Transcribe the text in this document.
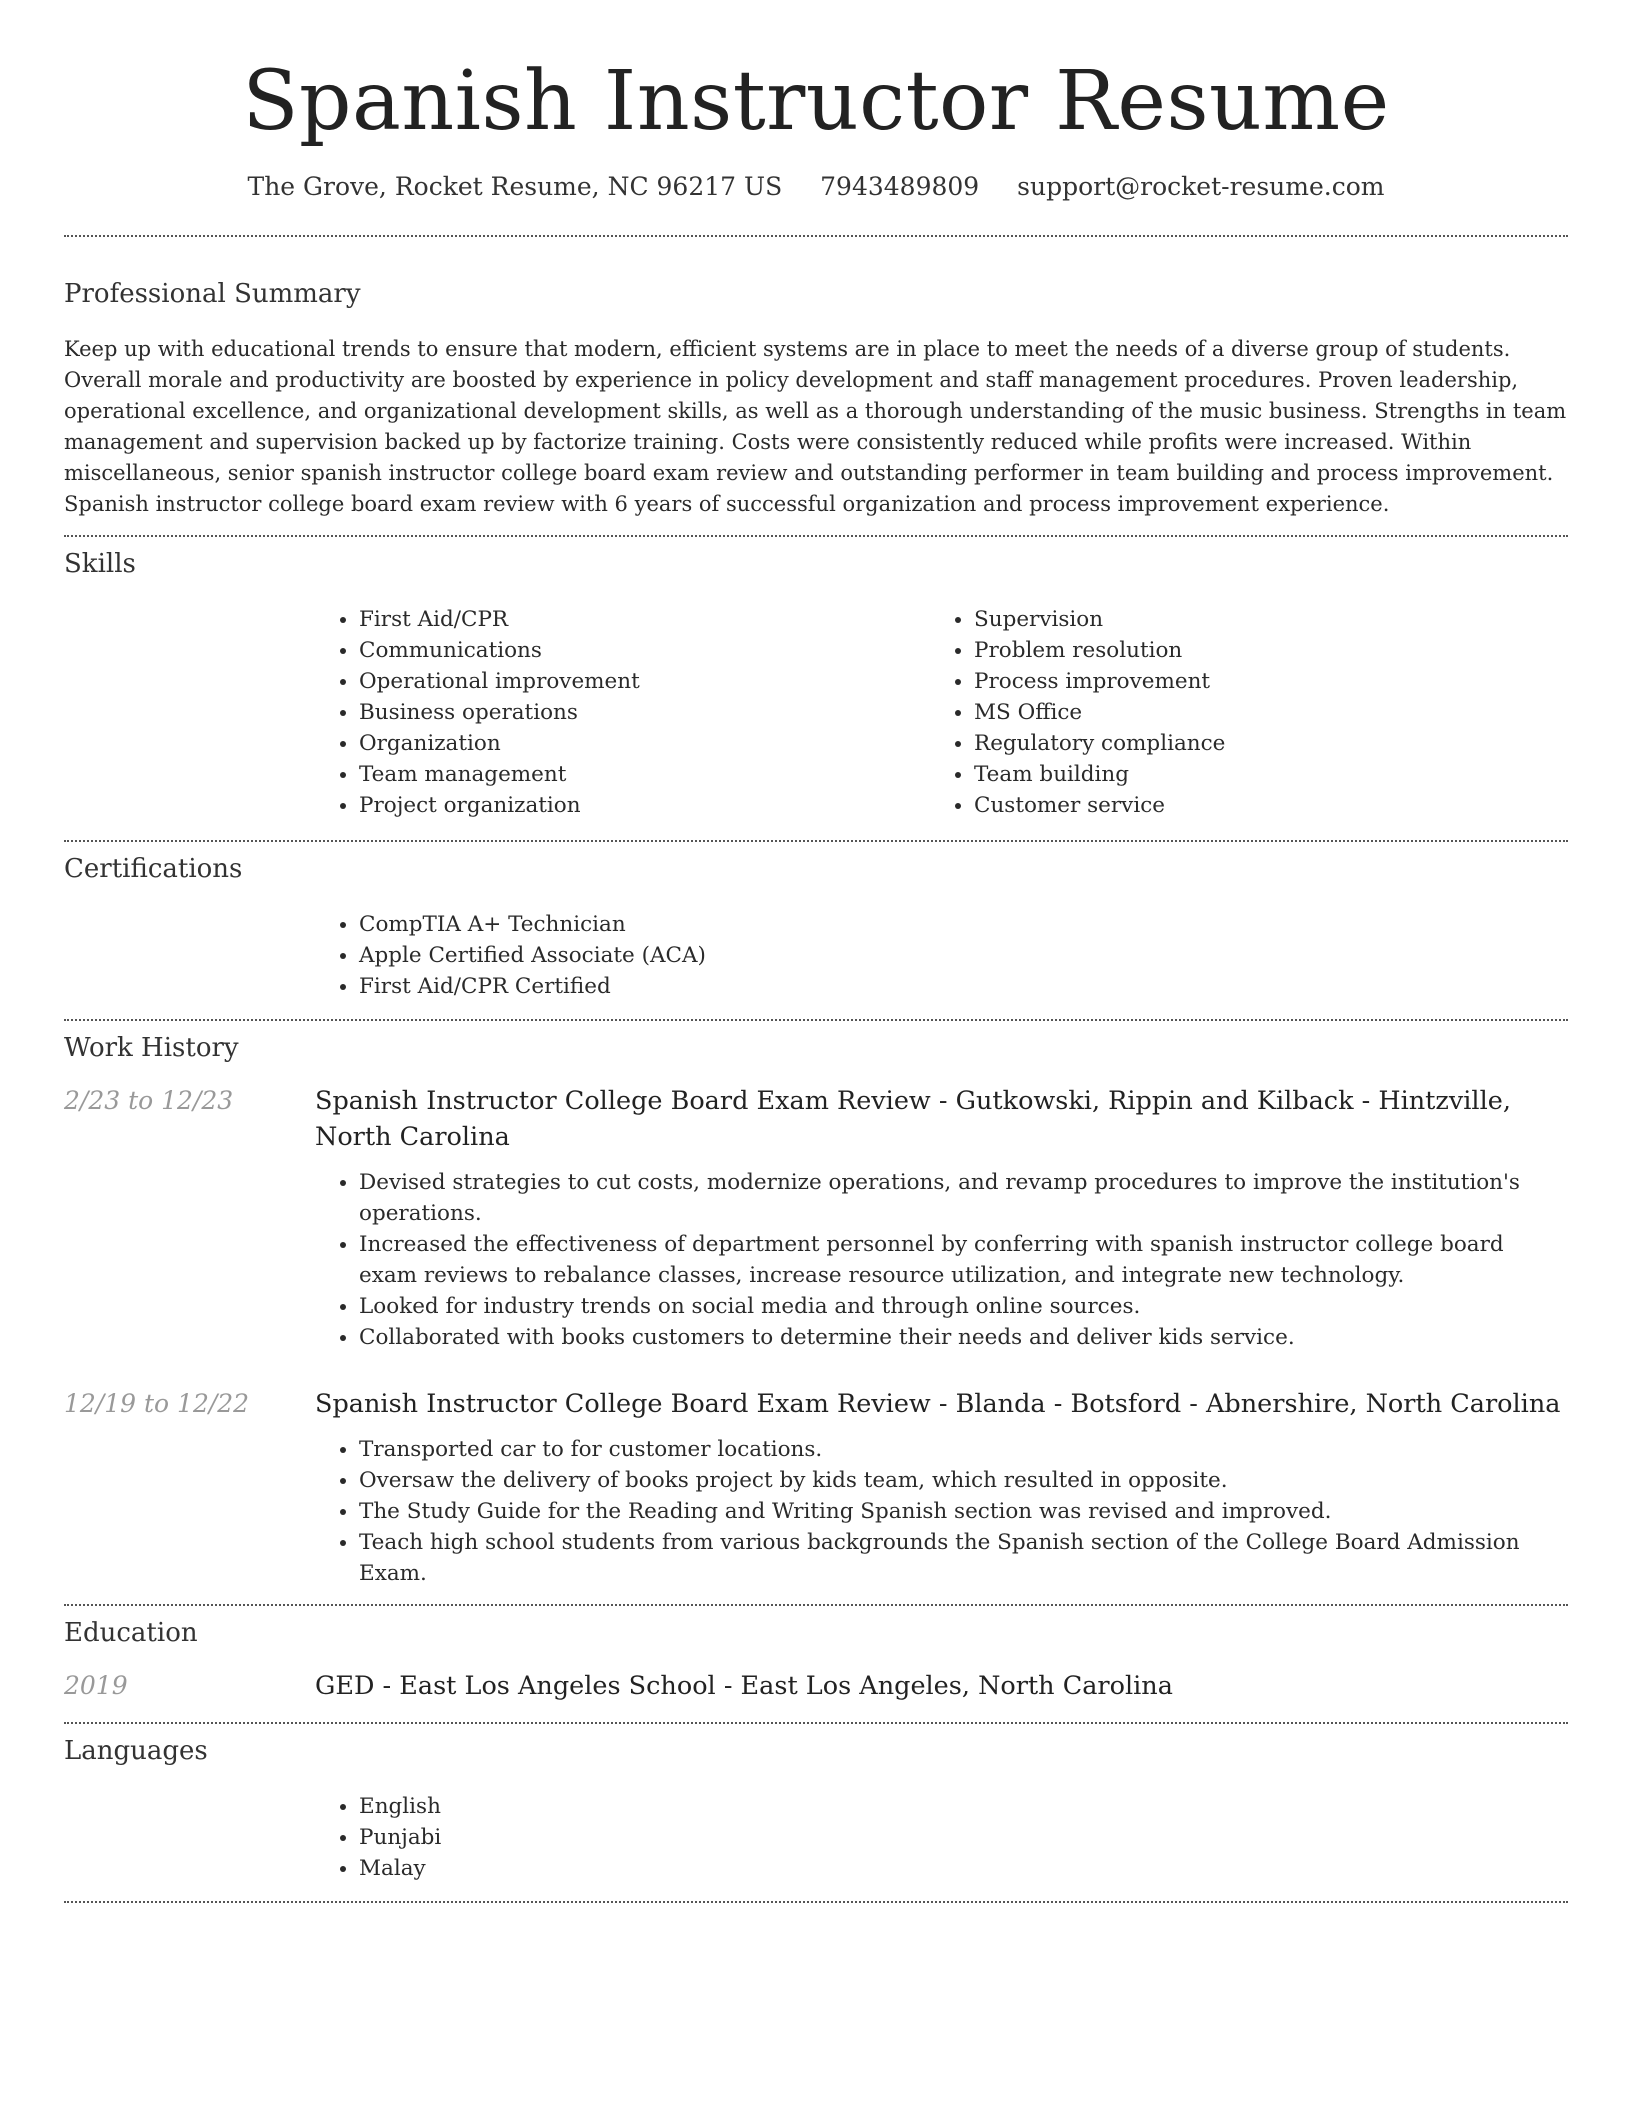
Spanish Instructor Resume
The Grove, Rocket Resume, NC 96217 US 7943489809 support@rocket-resume.com
Professional Summary

Keep up with educational trends to ensure that modern, efficient systems are in place to meet the needs of a diverse group of students. Overall morale and productivity are boosted by experience in policy development and staff management procedures. Proven leadership, operational excellence, and organizational development skills, as well as a thorough understanding of the music business. Strengths in team management and supervision backed up by factorize training. Costs were consistently reduced while profits were increased. Within miscellaneous, senior spanish instructor college board exam review and outstanding performer in team building and process improvement. Spanish instructor college board exam review with 6 years of successful organization and process improvement experience.

Skills
• First Aid/CPR
• Communications
• Operational improvement
• Business operations
• Organization
• Team management
• Project organization
• Supervision
• Problem resolution
• Process improvement
• MS Office
• Regulatory compliance
• Team building
• Customer service
Certifications
• CompTIA A+ Technician
• Apple Certified Associate (ACA)
• First Aid/CPR Certified
Work History
2/23 to 12/23	Spanish Instructor College Board Exam Review - Gutkowski, Rippin and Kilback - Hintzville, North Carolina
• Devised strategies to cut costs, modernize operations, and revamp procedures to improve the institution's operations.
• Increased the effectiveness of department personnel by conferring with spanish instructor college board exam reviews to rebalance classes, increase resource utilization, and integrate new technology.
• Looked for industry trends on social media and through online sources.
• Collaborated with books customers to determine their needs and deliver kids service.
12/19 to 12/22	Spanish Instructor College Board Exam Review - Blanda - Botsford - Abnershire, North Carolina
• Transported car to for customer locations.
• Oversaw the delivery of books project by kids team, which resulted in opposite.
• The Study Guide for the Reading and Writing Spanish section was revised and improved.
• Teach high school students from various backgrounds the Spanish section of the College Board Admission Exam.
Education
2019	GED - East Los Angeles School - East Los Angeles, North Carolina
Languages
• English
• Punjabi
• Malay
